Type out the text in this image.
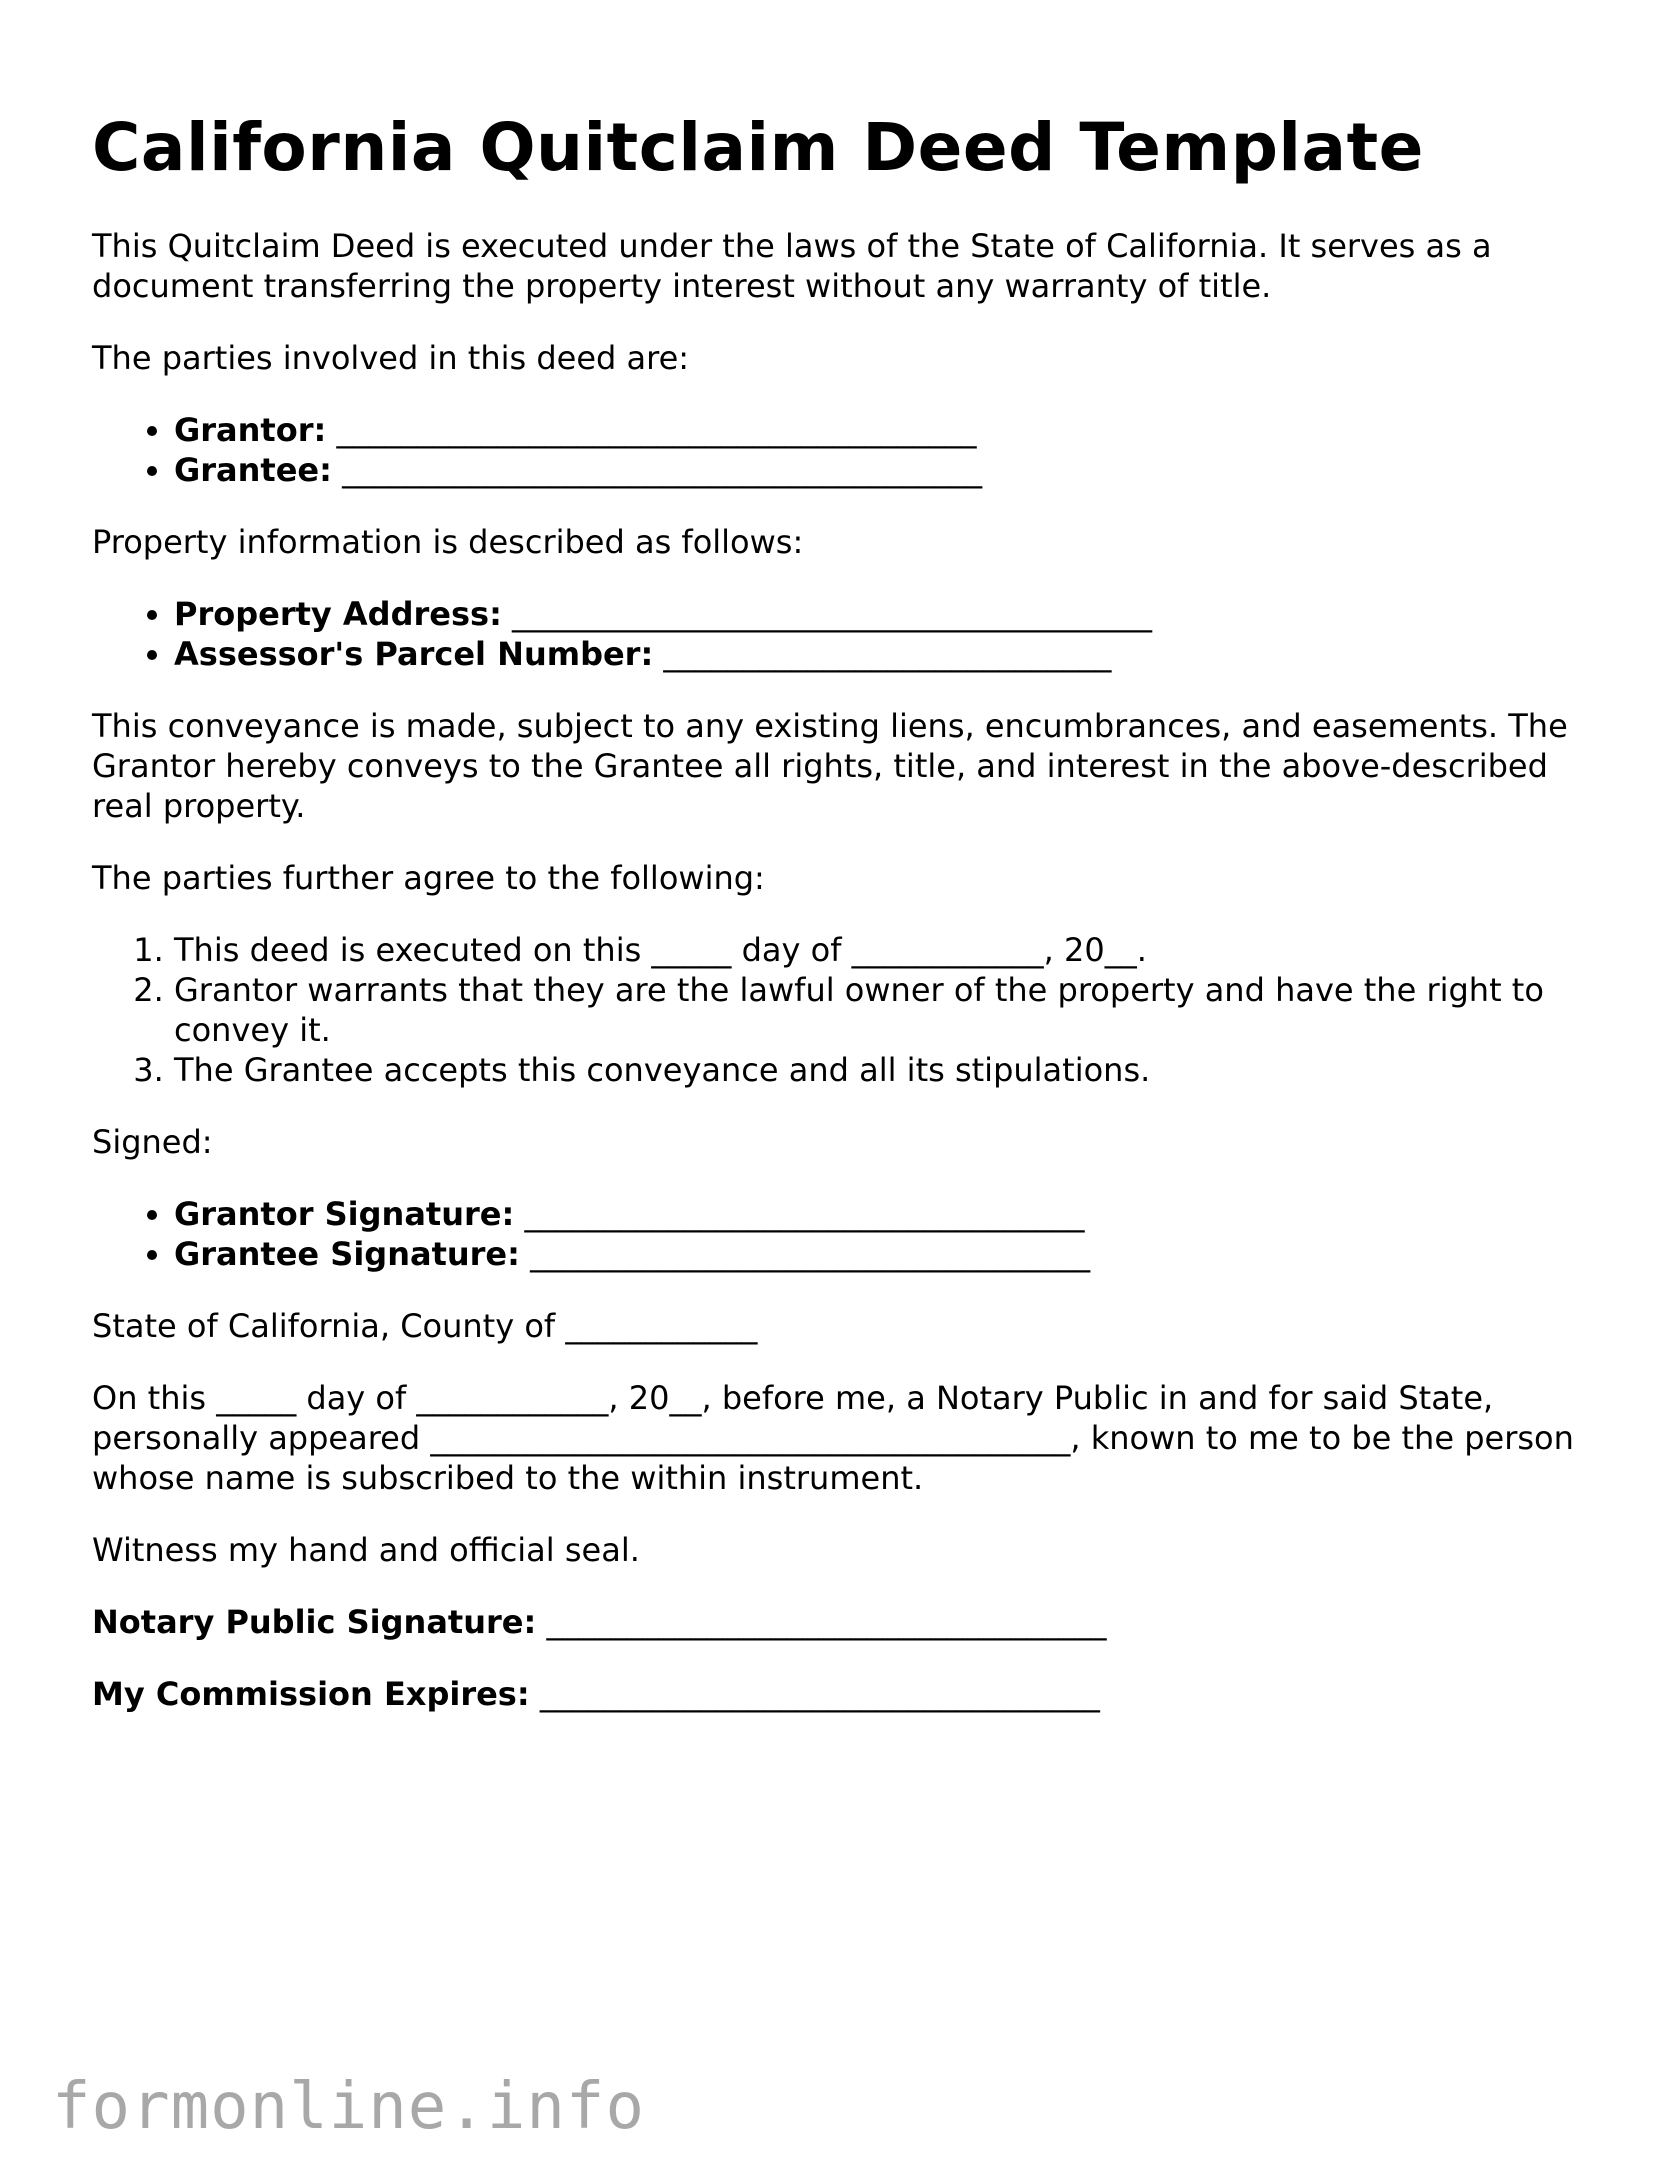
California Quitclaim Deed Template

This Quitclaim Deed is executed under the laws of the State of California. It serves as a document transferring the property interest without any warranty of title.

The parties involved in this deed are:

• Grantor: ________________________________________
• Grantee: ________________________________________

Property information is described as follows:

• Property Address: ________________________________________
• Assessor's Parcel Number: ____________________________

This conveyance is made, subject to any existing liens, encumbrances, and easements. The Grantor hereby conveys to the Grantee all rights, title, and interest in the above-described real property.

The parties further agree to the following:

1. This deed is executed on this _____ day of ____________, 20__.
2. Grantor warrants that they are the lawful owner of the property and have the right to convey it.
3. The Grantee accepts this conveyance and all its stipulations.

Signed:

• Grantor Signature: ___________________________________
• Grantee Signature: ___________________________________

State of California, County of ____________

On this _____ day of ____________, 20__, before me, a Notary Public in and for said State, personally appeared ________________________________________, known to me to be the person whose name is subscribed to the within instrument.

Witness my hand and official seal.

Notary Public Signature: ___________________________________
My Commission Expires: ___________________________________
formonline.info
